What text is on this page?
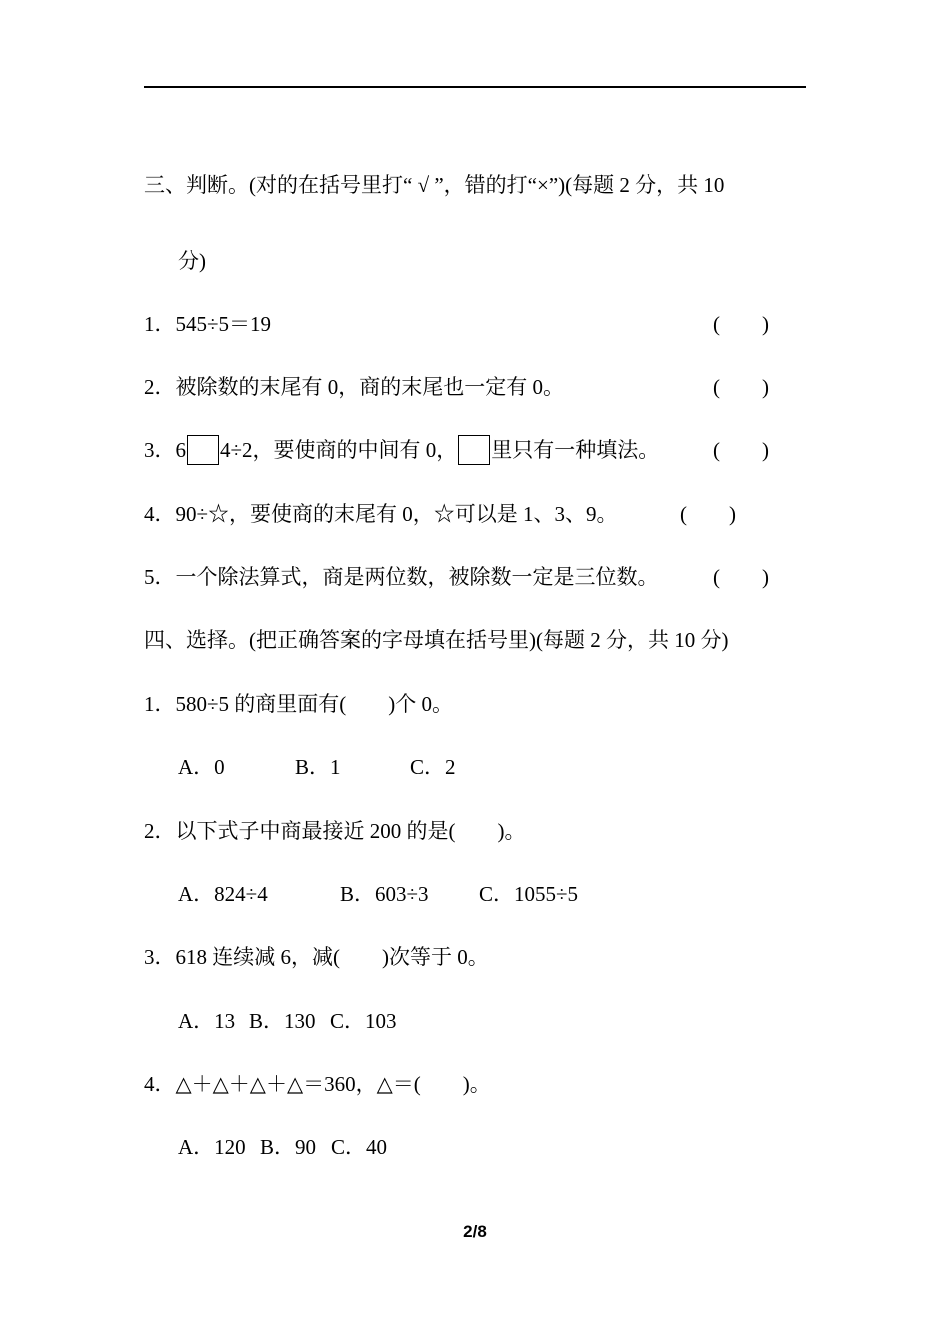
三、判断。(对的在括号里打“ √ ”，错的打“×”)(每题 2 分，共 10
分)
1．545÷5＝19	(　　)
2．被除数的末尾有 0，商的末尾也一定有 0。	(　　)
3．6 4÷2，要使商的中间有 0， 里只有一种填法。	(　　)
4．90÷☆，要使商的末尾有 0，☆可以是 1、3、9。	(　　)
5．一个除法算式，商是两位数，被除数一定是三位数。	(　　)
四、选择。(把正确答案的字母填在括号里)(每题 2 分，共 10 分)
1．580÷5 的商里面有(　　)个 0。
A．0	B．1	C．2
2．以下式子中商最接近 200 的是(　　)。
A．824÷4	B．603÷3 C．1055÷5
3．618 连续减 6，减(　　)次等于 0。
A．13 B．130 C．103
4．△＋△＋△＋△＝360，△＝(　　)。
A．120 B．90 C．40
2/8
